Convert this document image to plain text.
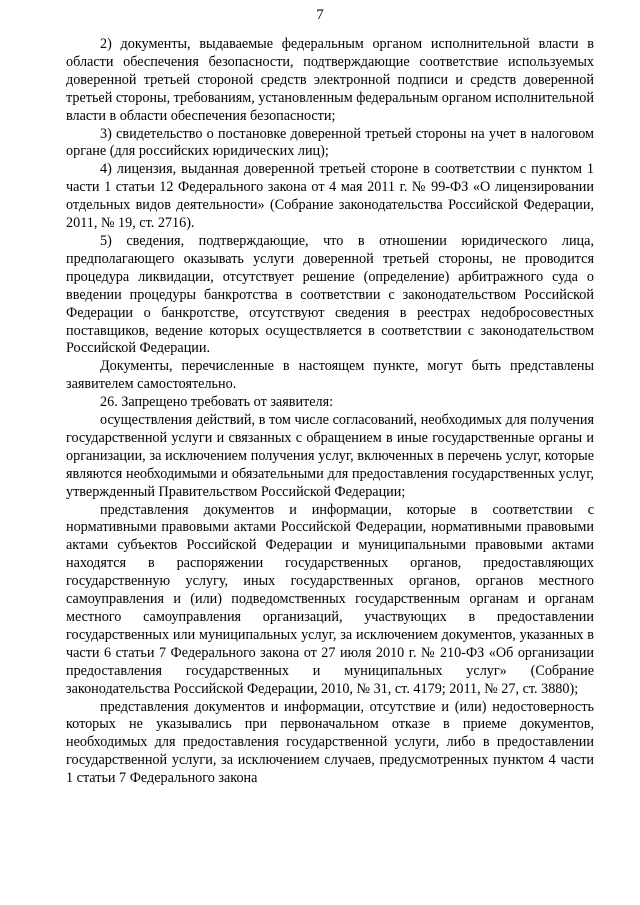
7

2) документы, выдаваемые федеральным органом исполнительной власти в области обеспечения безопасности, подтверждающие соответствие используемых доверенной третьей стороной средств электронной подписи и средств доверенной третьей стороны, требованиям, установленным федеральным органом исполнительной власти в области обеспечения безопасности;

3) свидетельство о постановке доверенной третьей стороны на учет в налоговом органе (для российских юридических лиц);

4) лицензия, выданная доверенной третьей стороне в соответствии с пунктом 1 части 1 статьи 12 Федерального закона от 4 мая 2011 г. № 99-ФЗ «О лицензировании отдельных видов деятельности» (Собрание законодательства Российской Федерации, 2011, № 19, ст. 2716).

5) сведения, подтверждающие, что в отношении юридического лица, предполагающего оказывать услуги доверенной третьей стороны, не проводится процедура ликвидации, отсутствует решение (определение) арбитражного суда о введении процедуры банкротства в соответствии с законодательством Российской Федерации о банкротстве, отсутствуют сведения в реестрах недобросовестных поставщиков, ведение которых осуществляется в соответствии с законодательством Российской Федерации.

Документы, перечисленные в настоящем пункте, могут быть представлены заявителем самостоятельно.

26. Запрещено требовать от заявителя:

осуществления действий, в том числе согласований, необходимых для получения государственной услуги и связанных с обращением в иные государственные органы и организации, за исключением получения услуг, включенных в перечень услуг, которые являются необходимыми и обязательными для предоставления государственных услуг, утвержденный Правительством Российской Федерации;

представления документов и информации, которые в соответствии с нормативными правовыми актами Российской Федерации, нормативными правовыми актами субъектов Российской Федерации и муниципальными правовыми актами находятся в распоряжении государственных органов, предоставляющих государственную услугу, иных государственных органов, органов местного самоуправления и (или) подведомственных государственным органам и органам местного самоуправления организаций, участвующих в предоставлении государственных или муниципальных услуг, за исключением документов, указанных в части 6 статьи 7 Федерального закона от 27 июля 2010 г. № 210-ФЗ «Об организации предоставления государственных и муниципальных услуг» (Собрание законодательства Российской Федерации, 2010, № 31, ст. 4179; 2011, № 27, ст. 3880);

представления документов и информации, отсутствие и (или) недостоверность которых не указывались при первоначальном отказе в приеме документов, необходимых для предоставления государственной услуги, либо в предоставлении государственной услуги, за исключением случаев, предусмотренных пунктом 4 части 1 статьи 7 Федерального закона
